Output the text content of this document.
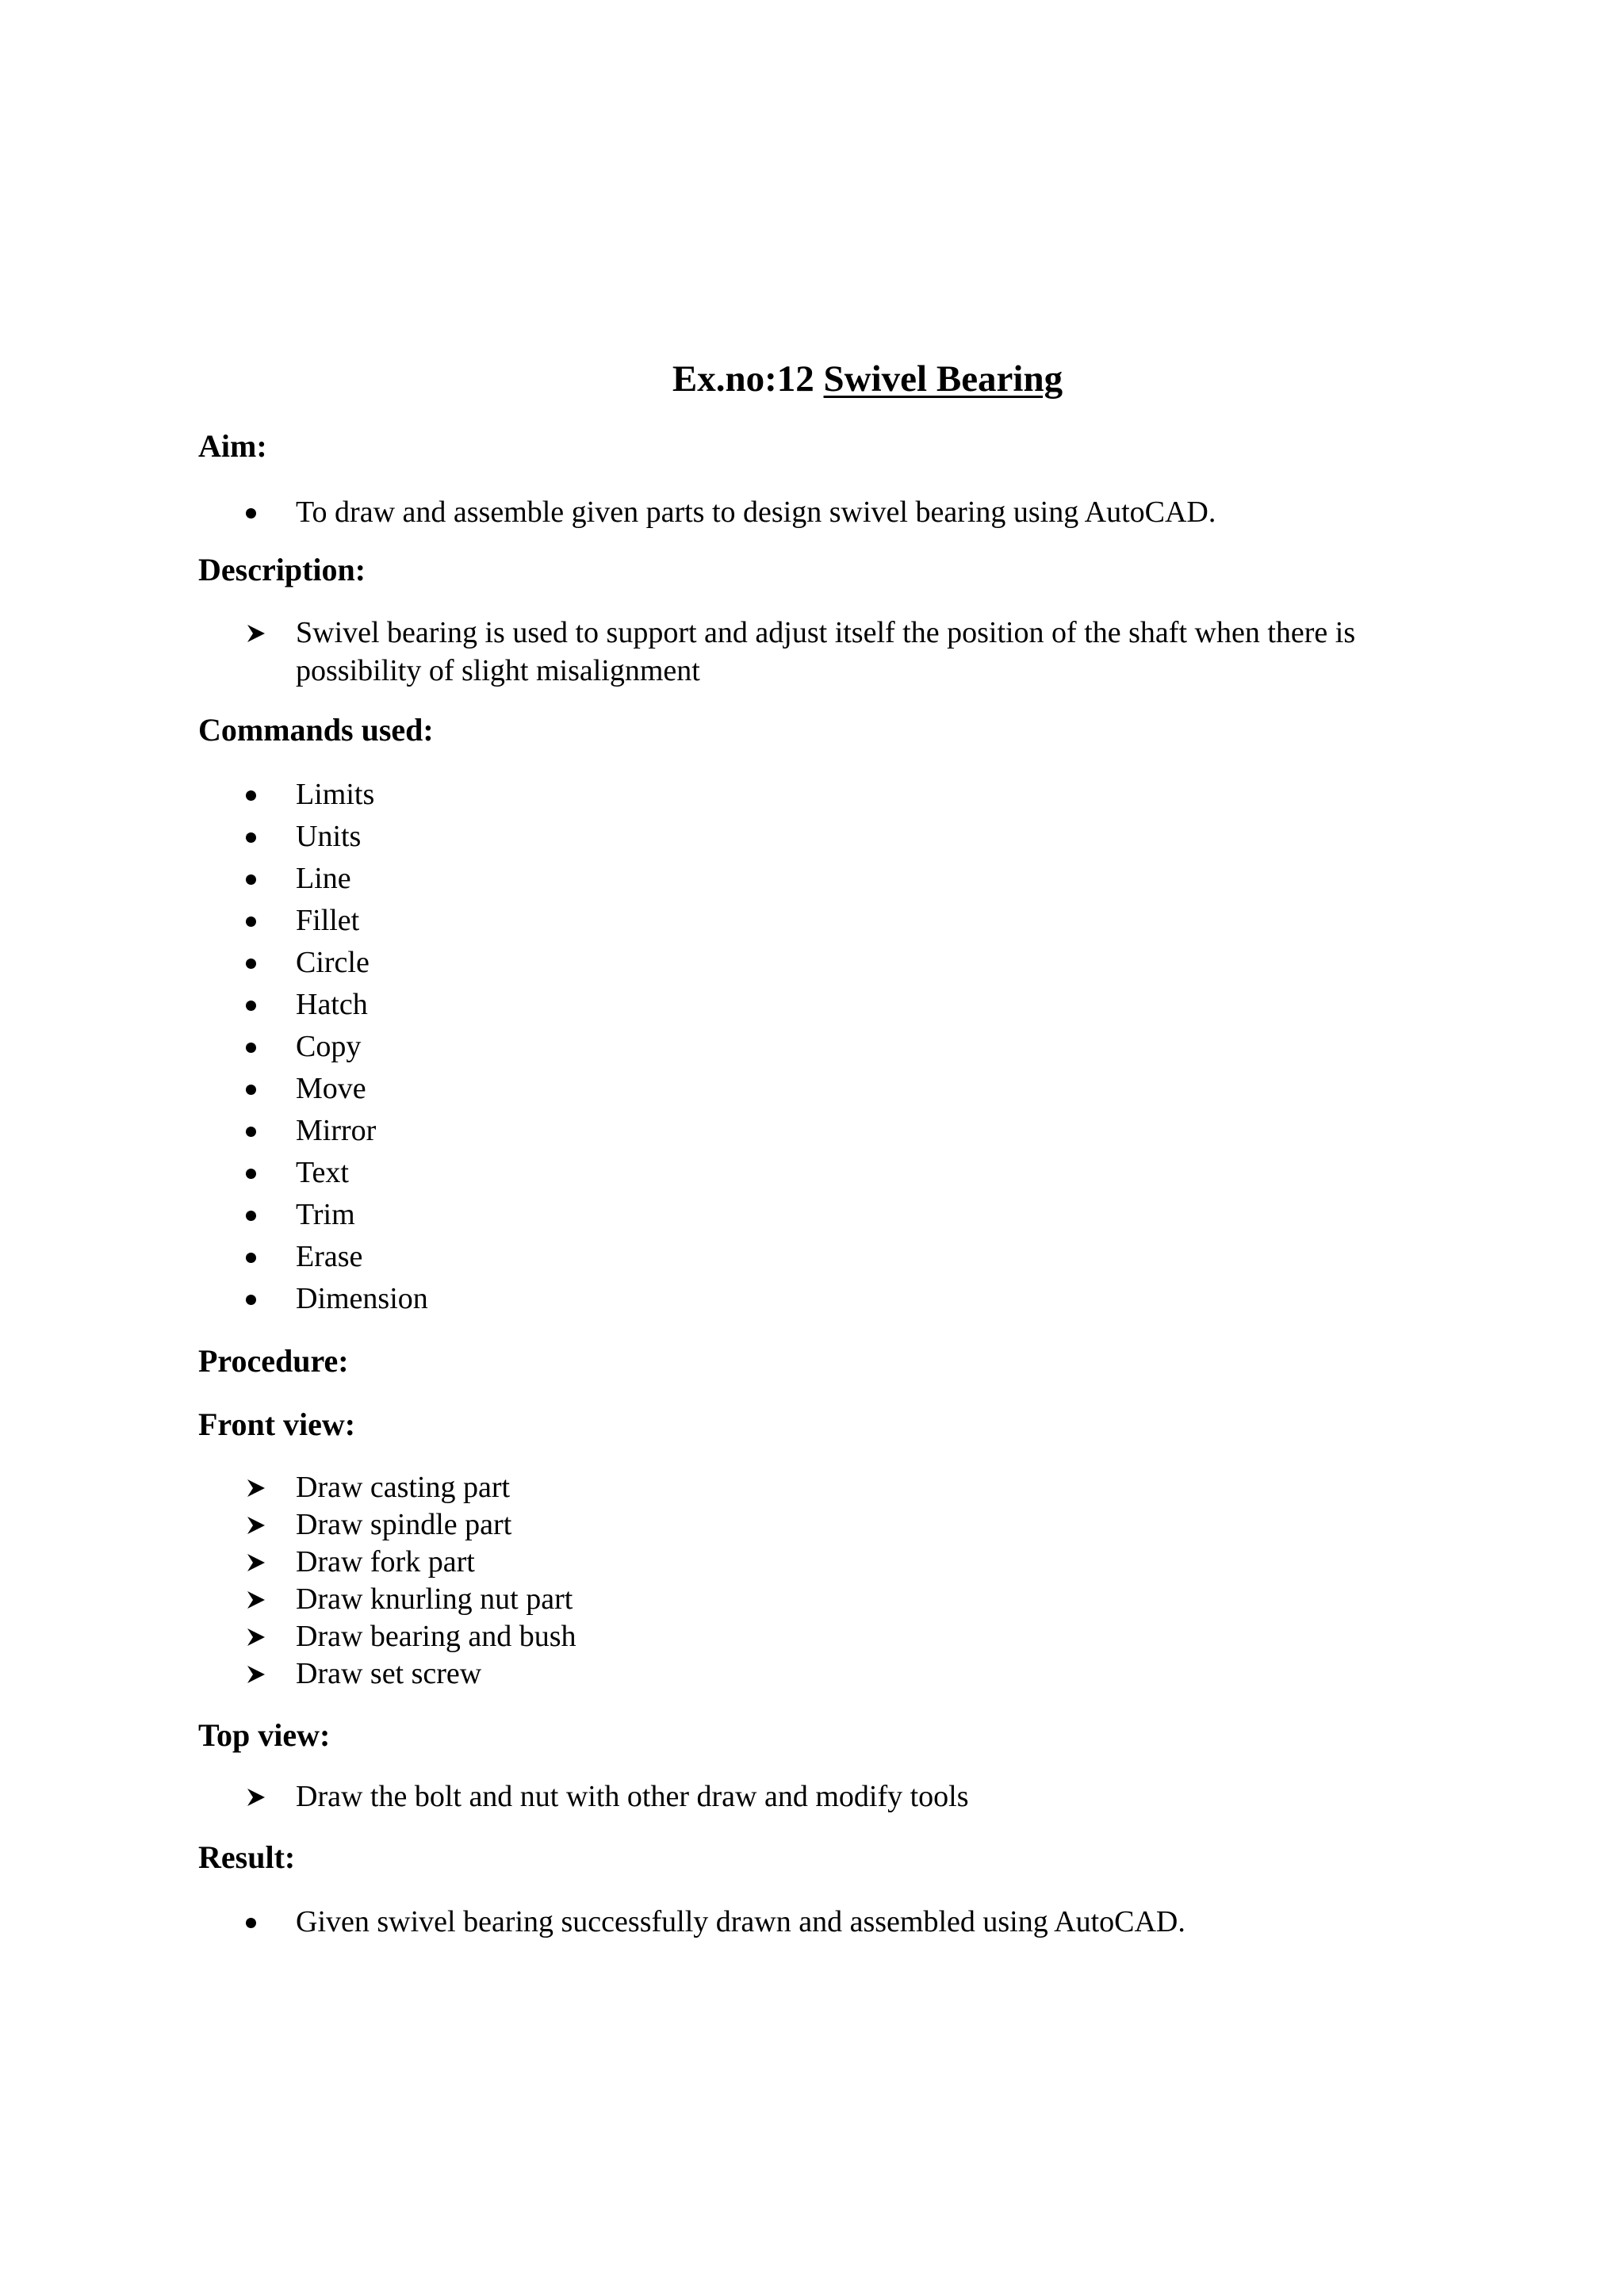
Ex.no:12 Swivel Bearing
Aim:
To draw and assemble given parts to design swivel bearing using AutoCAD.
Description:
Swivel bearing is used to support and adjust itself the position of the shaft when there is possibility of slight misalignment
Commands used:
Limits
Units
Line
Fillet
Circle
Hatch
Copy
Move
Mirror
Text
Trim
Erase
Dimension
Procedure:
Front view:
Draw casting part
Draw spindle part
Draw fork part
Draw knurling nut part
Draw bearing and bush
Draw set screw
Top view:
Draw the bolt and nut with other draw and modify tools
Result:
Given swivel bearing successfully drawn and assembled using AutoCAD.
